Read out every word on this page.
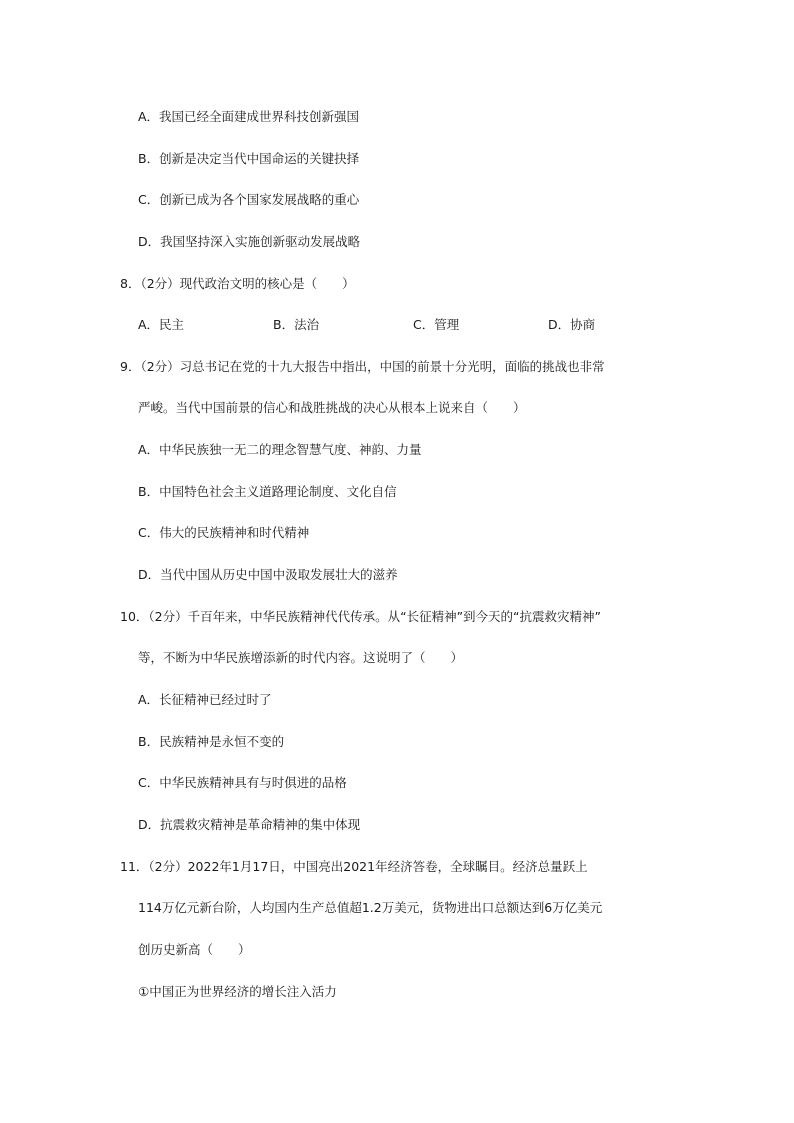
A．我国已经全面建成世界科技创新强国
B．创新是决定当代中国命运的关键抉择
C．创新已成为各个国家发展战略的重心
D．我国坚持深入实施创新驱动发展战略
8．（2分）现代政治文明的核心是（　　）
A．民主	B．法治	C．管理	D．协商
9．（2分）习总书记在党的十九大报告中指出，中国的前景十分光明，面临的挑战也非常
严峻。当代中国前景的信心和战胜挑战的决心从根本上说来自（　　）
A．中华民族独一无二的理念智慧气度、神韵、力量
B．中国特色社会主义道路理论制度、文化自信
C．伟大的民族精神和时代精神
D．当代中国从历史中国中汲取发展壮大的滋养
10．（2分）千百年来，中华民族精神代代传承。从“长征精神”到今天的“抗震救灾精神”
等，不断为中华民族增添新的时代内容。这说明了（　　）
A．长征精神已经过时了
B．民族精神是永恒不变的
C．中华民族精神具有与时俱进的品格
D．抗震救灾精神是革命精神的集中体现
11．（2分）2022年1月17日，中国亮出2021年经济答卷，全球瞩目。经济总量跃上
114万亿元新台阶，人均国内生产总值超1.2万美元，货物进出口总额达到6万亿美元
创历史新高（　　）
①中国正为世界经济的增长注入活力
